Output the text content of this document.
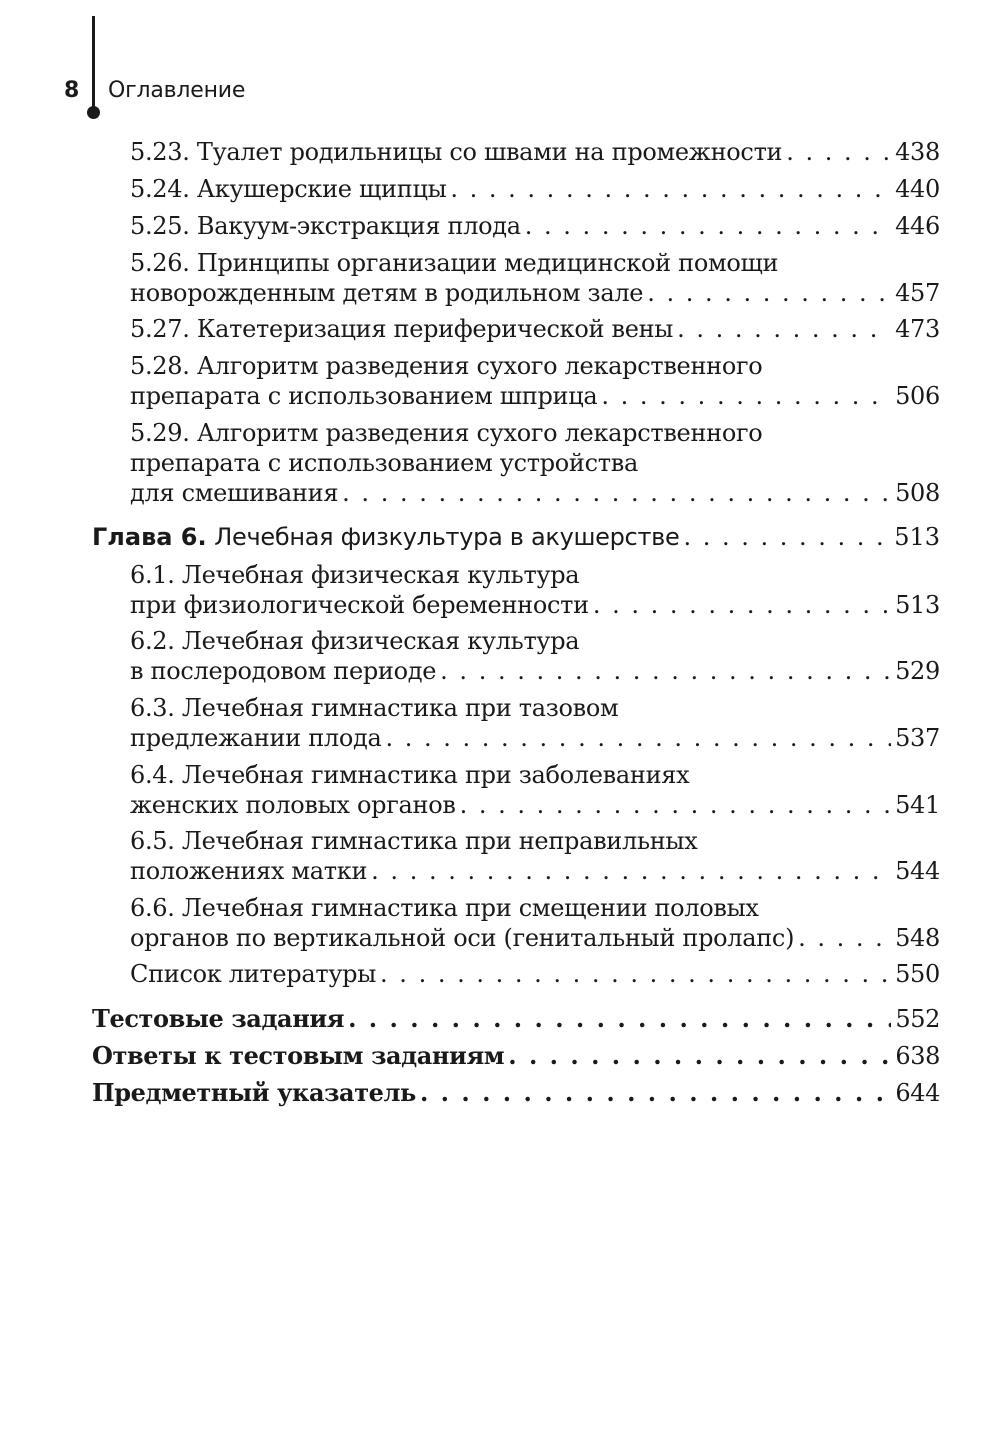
8 Оглавление
5.23. Туалет родильницы со швами на промежности . . .	438
5.24. Акушерские щипцы . . .	440
5.25. Вакуум-экстракция плода . . .	446
5.26. Принципы организации медицинской помощи
новорожденным детям в родильном зале . . .	457
5.27. Катетеризация периферической вены . . .	473
5.28. Алгоритм разведения сухого лекарственного
препарата с использованием шприца . . .	506
5.29. Алгоритм разведения сухого лекарственного
препарата с использованием устройства
для смешивания . . .	508
Глава 6. Лечебная физкультура в акушерстве . . .	513
6.1. Лечебная физическая культура
при физиологической беременности . . .	513
6.2. Лечебная физическая культура
в послеродовом периоде . . .	529
6.3. Лечебная гимнастика при тазовом
предлежании плода . . .	537
6.4. Лечебная гимнастика при заболеваниях
женских половых органов . . .	541
6.5. Лечебная гимнастика при неправильных
положениях матки . . .	544
6.6. Лечебная гимнастика при смещении половых
органов по вертикальной оси (генитальный пролапс) . . .	548
Список литературы . . .	550
Тестовые задания . . .	552
Ответы к тестовым заданиям . . .	638
Предметный указатель . . .	644
